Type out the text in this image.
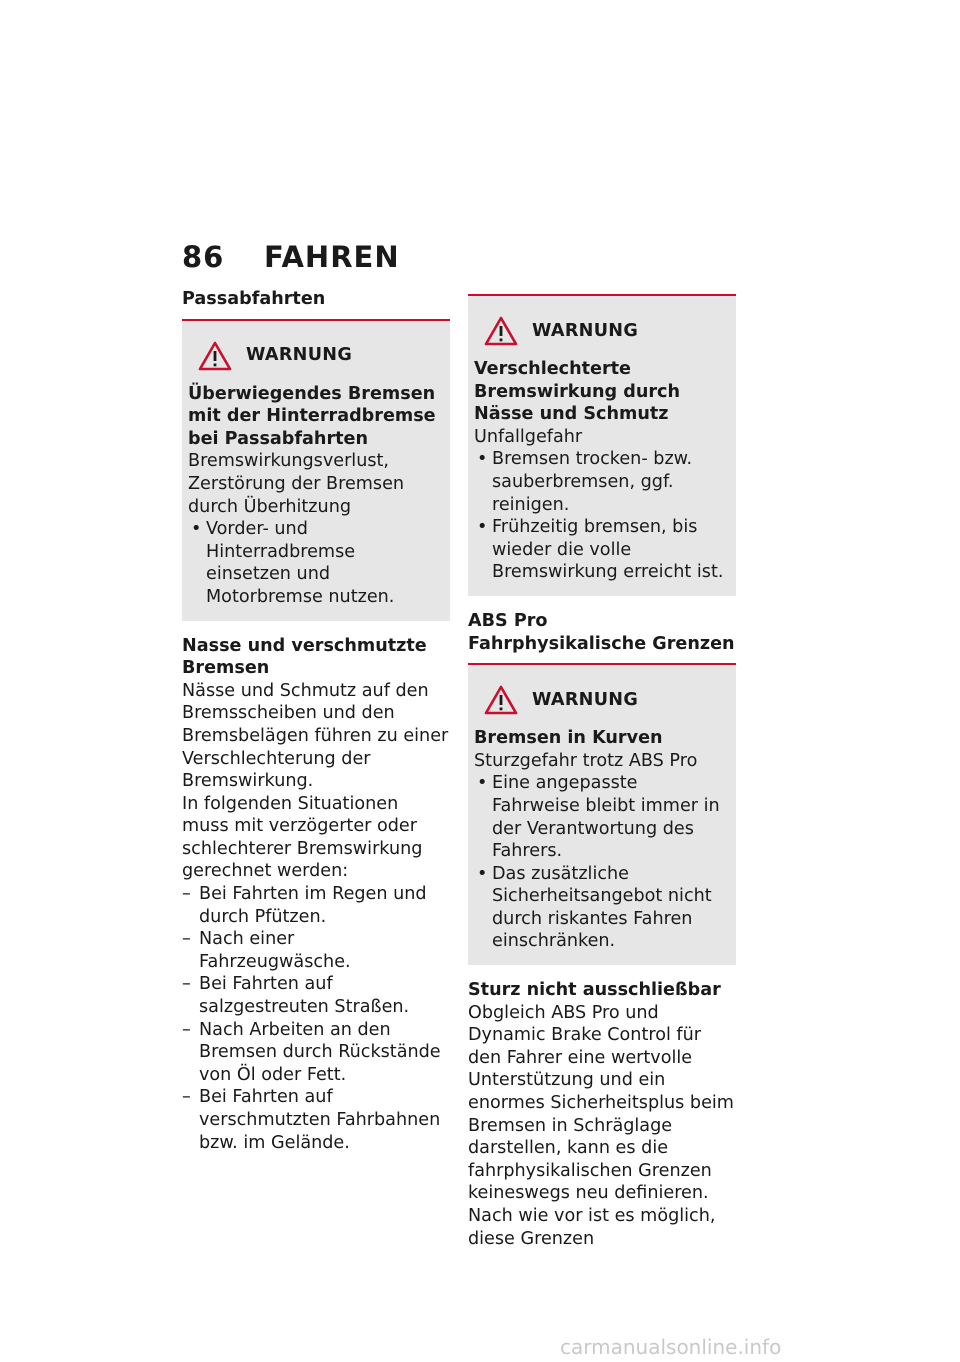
86 FAHREN
Passabfahrten
WARNUNG

Überwiegendes Bremsen mit der Hinterradbremse bei Passabfahrten

Bremswirkungsverlust, Zerstörung der Bremsen durch Überhitzung

• Vorder- und Hinterradbremse einsetzen und Motorbremse nutzen.
Nasse und verschmutzte Bremsen

Nässe und Schmutz auf den Bremsscheiben und den Bremsbelägen führen zu einer Verschlechterung der Bremswirkung.

In folgenden Situationen muss mit verzögerter oder schlechterer Bremswirkung gerechnet werden:

– Bei Fahrten im Regen und durch Pfützen.
– Nach einer Fahrzeugwäsche.
– Bei Fahrten auf salzgestreuten Straßen.
– Nach Arbeiten an den Bremsen durch Rückstände von Öl oder Fett.
– Bei Fahrten auf verschmutzten Fahrbahnen bzw. im Gelände.
WARNUNG

Verschlechterte Bremswirkung durch Nässe und Schmutz

Unfallgefahr

• Bremsen trocken- bzw. sauberbremsen, ggf. reinigen.
• Frühzeitig bremsen, bis wieder die volle Bremswirkung erreicht ist.
ABS Pro
Fahrphysikalische Grenzen
WARNUNG

Bremsen in Kurven

Sturzgefahr trotz ABS Pro

• Eine angepasste Fahrweise bleibt immer in der Verantwortung des Fahrers.
• Das zusätzliche Sicherheitsangebot nicht durch riskantes Fahren einschränken.
Sturz nicht ausschließbar

Obgleich ABS Pro und Dynamic Brake Control für den Fahrer eine wertvolle Unterstützung und ein enormes Sicherheitsplus beim Bremsen in Schräglage darstellen, kann es die fahrphysikalischen Grenzen keineswegs neu definieren. Nach wie vor ist es möglich, diese Grenzen

carmanualsonline.info
